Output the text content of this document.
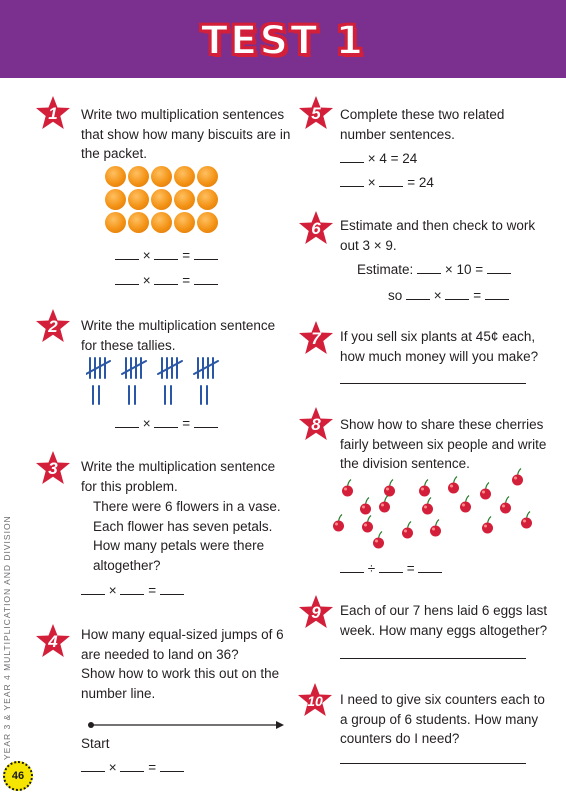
TEST 1
YEAR 3 & YEAR 4 MULTIPLICATION AND DIVISION
46
1	Write two multiplication sentences
that show how many biscuits are in
the packet.
× =
× =
2	Write the multiplication sentence
for these tallies.
× =
3	Write the multiplication sentence
for this problem.
There were 6 flowers in a vase.
Each flower has seven petals.
How many petals were there
altogether?
× =
4	How many equal-sized jumps of 6
are needed to land on 36?
Show how to work this out on the
number line.
Start
× =
5	Complete these two related
number sentences.
× 4 = 24
× = 24
6	Estimate and then check to work
out 3 × 9.
Estimate: × 10 =
so × =
7	If you sell six plants at 45¢ each,
how much money will you make?
8	Show how to share these cherries
fairly between six people and write
the division sentence.
÷ =
9	Each of our 7 hens laid 6 eggs last
week. How many eggs altogether?
10	I need to give six counters each to
a group of 6 students. How many
counters do I need?
